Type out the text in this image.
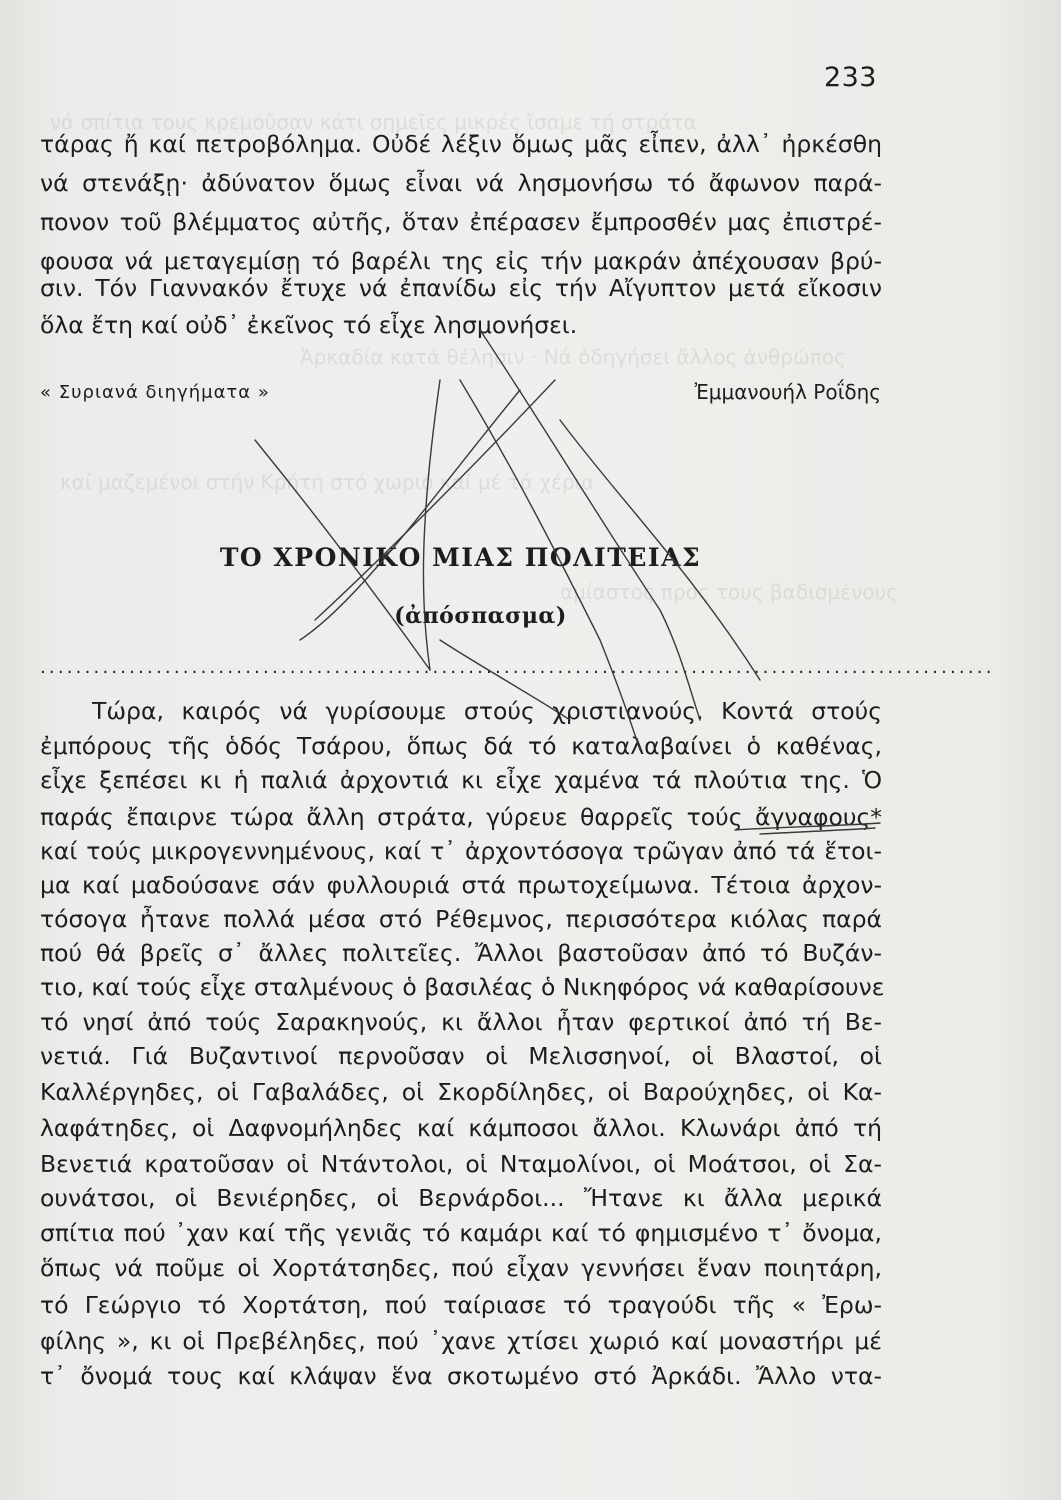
νά σπίτια τους κρεμοῦσαν κάτι σημεῖες μικρές ἴσαμε τή στράτα
Ἀρκαδία κατά θέλησιν · Νά ὁδηγήσει ἄλλος ἀνθρώπος
καί μαζεμένοι στήν Κρήτη στό χωριό καί μέ τά χέρια
αμίαστος προς τους βαδισμένους
233
τάρας ἤ καί πετροβόλημα. Οὐδέ λέξιν ὅμως μᾶς εἶπεν, ἀλλ᾽ ἠρκέσθη
νά στενάξῃ· ἀδύνατον ὅμως εἶναι νά λησμονήσω τό ἄφωνον παρά-
πονον τοῦ βλέμματος αὐτῆς, ὅταν ἐπέρασεν ἔμπροσθέν μας ἐπιστρέ-
φουσα νά μεταγεμίσῃ τό βαρέλι της εἰς τήν μακράν ἀπέχουσαν βρύ-
σιν. Τόν Γιαννακόν ἔτυχε νά ἐπανίδω εἰς τήν Αἴγυπτον μετά εἴκοσιν
ὅλα ἔτη καί οὐδ᾽ ἐκεῖνος τό εἶχε λησμονήσει.
« Συριανά διηγήματα »	Ἐμμανουήλ Ροΐδης
ΤΟ ΧΡΟΝΙΚΟ ΜΙΑΣ ΠΟΛΙΤΕΙΑΣ
(ἀπόσπασμα)
...........................................................................................................
Τώρα, καιρός νά γυρίσουμε στούς χριστιανούς. Κοντά στούς
ἐμπόρους τῆς ὁδός Τσάρου, ὅπως δά τό καταλαβαίνει ὁ καθένας,
εἶχε ξεπέσει κι ἡ παλιά ἀρχοντιά κι εἶχε χαμένα τά πλούτια της. Ὁ
παράς ἔπαιρνε τώρα ἄλλη στράτα, γύρευε θαρρεῖς τούς ἄγναφους*
καί τούς μικρογεννημένους, καί τ᾽ ἀρχοντόσογα τρῶγαν ἀπό τά ἕτοι-
μα καί μαδούσανε σάν φυλλουριά στά πρωτοχείμωνα. Τέτοια ἀρχον-
τόσογα ἦτανε πολλά μέσα στό Ρέθεμνος, περισσότερα κιόλας παρά
πού θά βρεῖς σ᾽ ἄλλες πολιτεῖες. Ἄλλοι βαστοῦσαν ἀπό τό Βυζάν-
τιο, καί τούς εἶχε σταλμένους ὁ βασιλέας ὁ Νικηφόρος νά καθαρίσουνε
τό νησί ἀπό τούς Σαρακηνούς, κι ἄλλοι ἦταν φερτικοί ἀπό τή Βε-
νετιά. Γιά Βυζαντινοί περνοῦσαν οἱ Μελισσηνοί, οἱ Βλαστοί, οἱ
Καλλέργηδες, οἱ Γαβαλάδες, οἱ Σκορδίληδες, οἱ Βαρούχηδες, οἱ Κα-
λαφάτηδες, οἱ Δαφνομήληδες καί κάμποσοι ἄλλοι. Κλωνάρι ἀπό τή
Βενετιά κρατοῦσαν οἱ Ντάντολοι, οἱ Νταμολίνοι, οἱ Μοάτσοι, οἱ Σα-
ουνάτσοι, οἱ Βενιέρηδες, οἱ Βερνάρδοι... Ἤτανε κι ἄλλα μερικά
σπίτια πού ᾽χαν καί τῆς γενιᾶς τό καμάρι καί τό φημισμένο τ᾽ ὄνομα,
ὅπως νά ποῦμε οἱ Χορτάτσηδες, πού εἶχαν γεννήσει ἕναν ποιητάρη,
τό Γεώργιο τό Χορτάτση, πού ταίριασε τό τραγούδι τῆς « Ἐρω-
φίλης », κι οἱ Πρεβέληδες, πού ᾽χανε χτίσει χωριό καί μοναστήρι μέ
τ᾽ ὄνομά τους καί κλάψαν ἕνα σκοτωμένο στό Ἀρκάδι. Ἄλλο ντα-
